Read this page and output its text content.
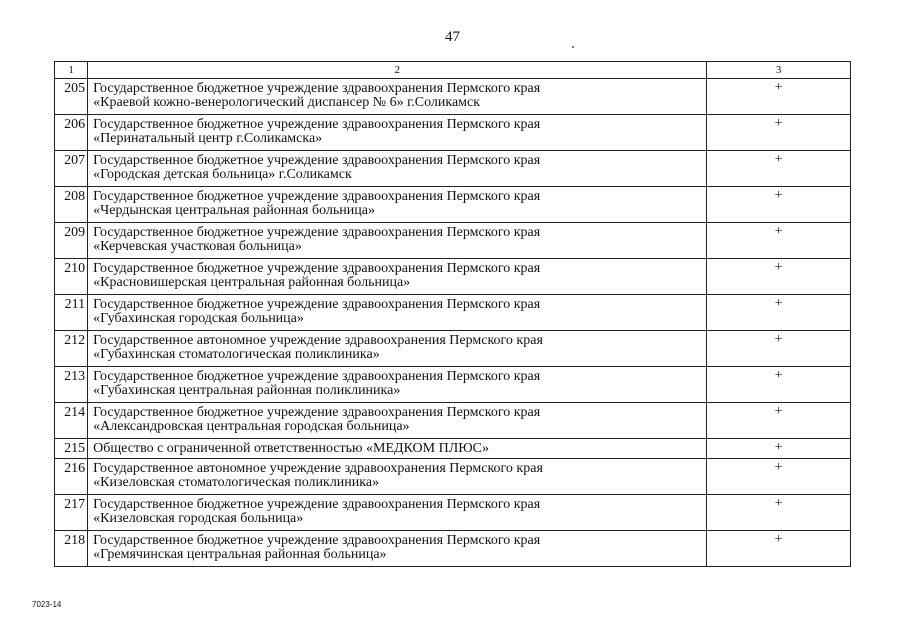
47
1	2	3
205	Государственное бюджетное учреждение здравоохранения Пермского края
«Краевой кожно-венерологический диспансер № 6» г.Соликамск	+
206	Государственное бюджетное учреждение здравоохранения Пермского края
«Перинатальный центр г.Соликамска»	+
207	Государственное бюджетное учреждение здравоохранения Пермского края
«Городская детская больница» г.Соликамск	+
208	Государственное бюджетное учреждение здравоохранения Пермского края
«Чердынская центральная районная больница»	+
209	Государственное бюджетное учреждение здравоохранения Пермского края
«Керчевская участковая больница»	+
210	Государственное бюджетное учреждение здравоохранения Пермского края
«Красновишерская центральная районная больница»	+
211	Государственное бюджетное учреждение здравоохранения Пермского края
«Губахинская городская больница»	+
212	Государственное автономное учреждение здравоохранения Пермского края
«Губахинская стоматологическая поликлиника»	+
213	Государственное бюджетное учреждение здравоохранения Пермского края
«Губахинская центральная районная поликлиника»	+
214	Государственное бюджетное учреждение здравоохранения Пермского края
«Александровская центральная городская больница»	+
215	Общество с ограниченной ответственностью «МЕДКОМ ПЛЮС»	+
216	Государственное автономное учреждение здравоохранения Пермского края
«Кизеловская стоматологическая поликлиника»	+
217	Государственное бюджетное учреждение здравоохранения Пермского края
«Кизеловская городская больница»	+
218	Государственное бюджетное учреждение здравоохранения Пермского края
«Гремячинская центральная районная больница»	+
7023-14
